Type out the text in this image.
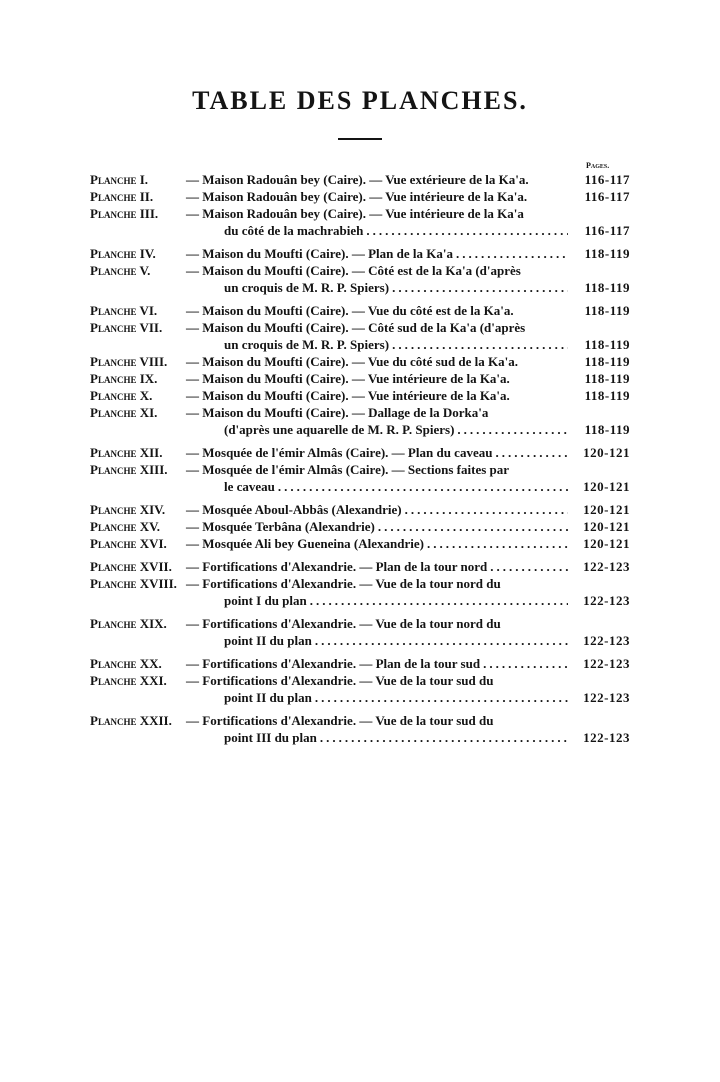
TABLE DES PLANCHES.
Pages.
Planche I.	— Maison Radouân bey (Caire). — Vue extérieure de la Ka'a.	116-117
Planche II.	— Maison Radouân bey (Caire). — Vue intérieure de la Ka'a.	116-117
Planche III.	— Maison Radouân bey (Caire). — Vue intérieure de la Ka'a
du côté de la machrabieh .....	116-117
Planche IV.	— Maison du Moufti (Caire). — Plan de la Ka'a .....	118-119
Planche V.	— Maison du Moufti (Caire). — Côté est de la Ka'a (d'après
un croquis de M. R. P. Spiers) .....	118-119
Planche VI.	— Maison du Moufti (Caire). — Vue du côté est de la Ka'a.	118-119
Planche VII.	— Maison du Moufti (Caire). — Côté sud de la Ka'a (d'après
un croquis de M. R. P. Spiers) .....	118-119
Planche VIII.	— Maison du Moufti (Caire). — Vue du côté sud de la Ka'a.	118-119
Planche IX.	— Maison du Moufti (Caire). — Vue intérieure de la Ka'a.	118-119
Planche X.	— Maison du Moufti (Caire). — Vue intérieure de la Ka'a.	118-119
Planche XI.	— Maison du Moufti (Caire). — Dallage de la Dorka'a
(d'après une aquarelle de M. R. P. Spiers) .....	118-119
Planche XII.	— Mosquée de l'émir Almâs (Caire). — Plan du caveau .....	120-121
Planche XIII.	— Mosquée de l'émir Almâs (Caire). — Sections faites par
le caveau .....	120-121
Planche XIV.	— Mosquée Aboul-Abbâs (Alexandrie) .....	120-121
Planche XV.	— Mosquée Terbâna (Alexandrie) .....	120-121
Planche XVI.	— Mosquée Ali bey Gueneina (Alexandrie) .....	120-121
Planche XVII.	— Fortifications d'Alexandrie. — Plan de la tour nord .....	122-123
Planche XVIII. — Fortifications d'Alexandrie. — Vue de la tour nord du
point I du plan .....	122-123
Planche XIX.	— Fortifications d'Alexandrie. — Vue de la tour nord du
point II du plan .....	122-123
Planche XX.	— Fortifications d'Alexandrie. — Plan de la tour sud .....	122-123
Planche XXI.	— Fortifications d'Alexandrie. — Vue de la tour sud du
point II du plan .....	122-123
Planche XXII.	— Fortifications d'Alexandrie. — Vue de la tour sud du
point III du plan .....	122-123
